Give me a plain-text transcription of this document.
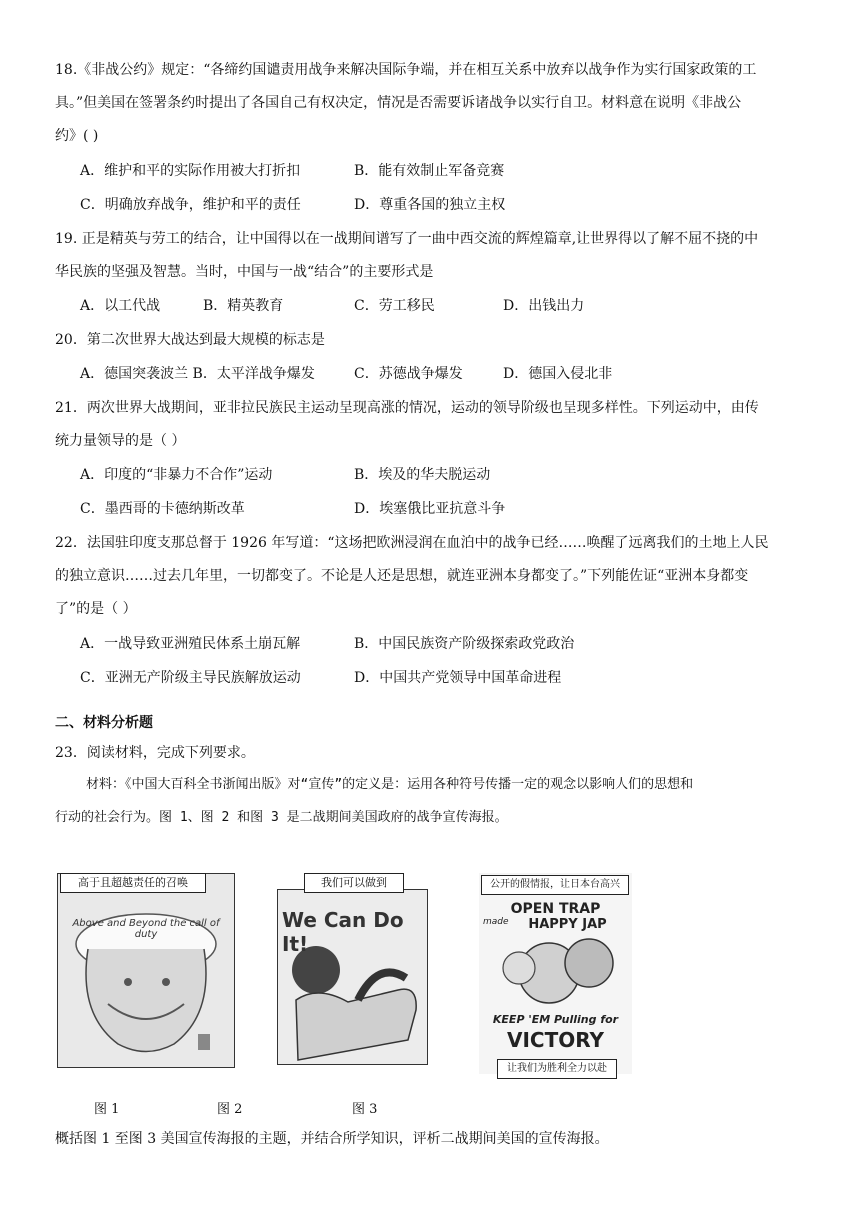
18.《非战公约》规定：“各缔约国谴责用战争来解决国际争端，并在相互关系中放弃以战争作为实行国家政策的工
具。”但美国在签署条约时提出了各国自己有权决定，情况是否需要诉诸战争以实行自卫。材料意在说明《非战公
约》( )
A．维护和平的实际作用被大打折扣	B．能有效制止军备竞赛
C．明确放弃战争，维护和平的责任	D．尊重各国的独立主权
19. 正是精英与劳工的结合，让中国得以在一战期间谱写了一曲中西交流的辉煌篇章,让世界得以了解不屈不挠的中
华民族的坚强及智慧。当时，中国与一战“结合”的主要形式是
A．以工代战	B．精英教育	C．劳工移民	D．出钱出力
20．第二次世界大战达到最大规模的标志是
A．德国突袭波兰 B．太平洋战争爆发	C．苏德战争爆发	D．德国入侵北非
21．两次世界大战期间，亚非拉民族民主运动呈现高涨的情况，运动的领导阶级也呈现多样性。下列运动中，由传
统力量领导的是（ ）
A．印度的“非暴力不合作”运动	B．埃及的华夫脱运动
C．墨西哥的卡德纳斯改革	D．埃塞俄比亚抗意斗争
22．法国驻印度支那总督于 1926 年写道：“这场把欧洲浸润在血泊中的战争已经……唤醒了远离我们的土地上人民
的独立意识……过去几年里，一切都变了。不论是人还是思想，就连亚洲本身都变了。”下列能佐证“亚洲本身都变
了”的是（ ）
A．一战导致亚洲殖民体系土崩瓦解	B．中国民族资产阶级探索政党政治
C．亚洲无产阶级主导民族解放运动	D．中国共产党领导中国革命进程
二、材料分析题
23．阅读材料，完成下列要求。
材料：《中国大百科全书浙闻出版》对“宣传”的定义是：运用各种符号传播一定的观念以影响人们的思想和
行动的社会行为。图 1、图 2 和图 3 是二战期间美国政府的战争宣传海报。
Above and Beyond the call of duty
高于且超越责任的召唤
We Can Do It!
我们可以做到
OPEN TRAP
made	HAPPY JAP
KEEP 'EM Pulling for
VICTORY
公开的假情报，让日本台高兴
让我们为胜利全力以赴
图 1	图 2	图 3
概括图 1 至图 3 美国宣传海报的主题，并结合所学知识，评析二战期间美国的宣传海报。
